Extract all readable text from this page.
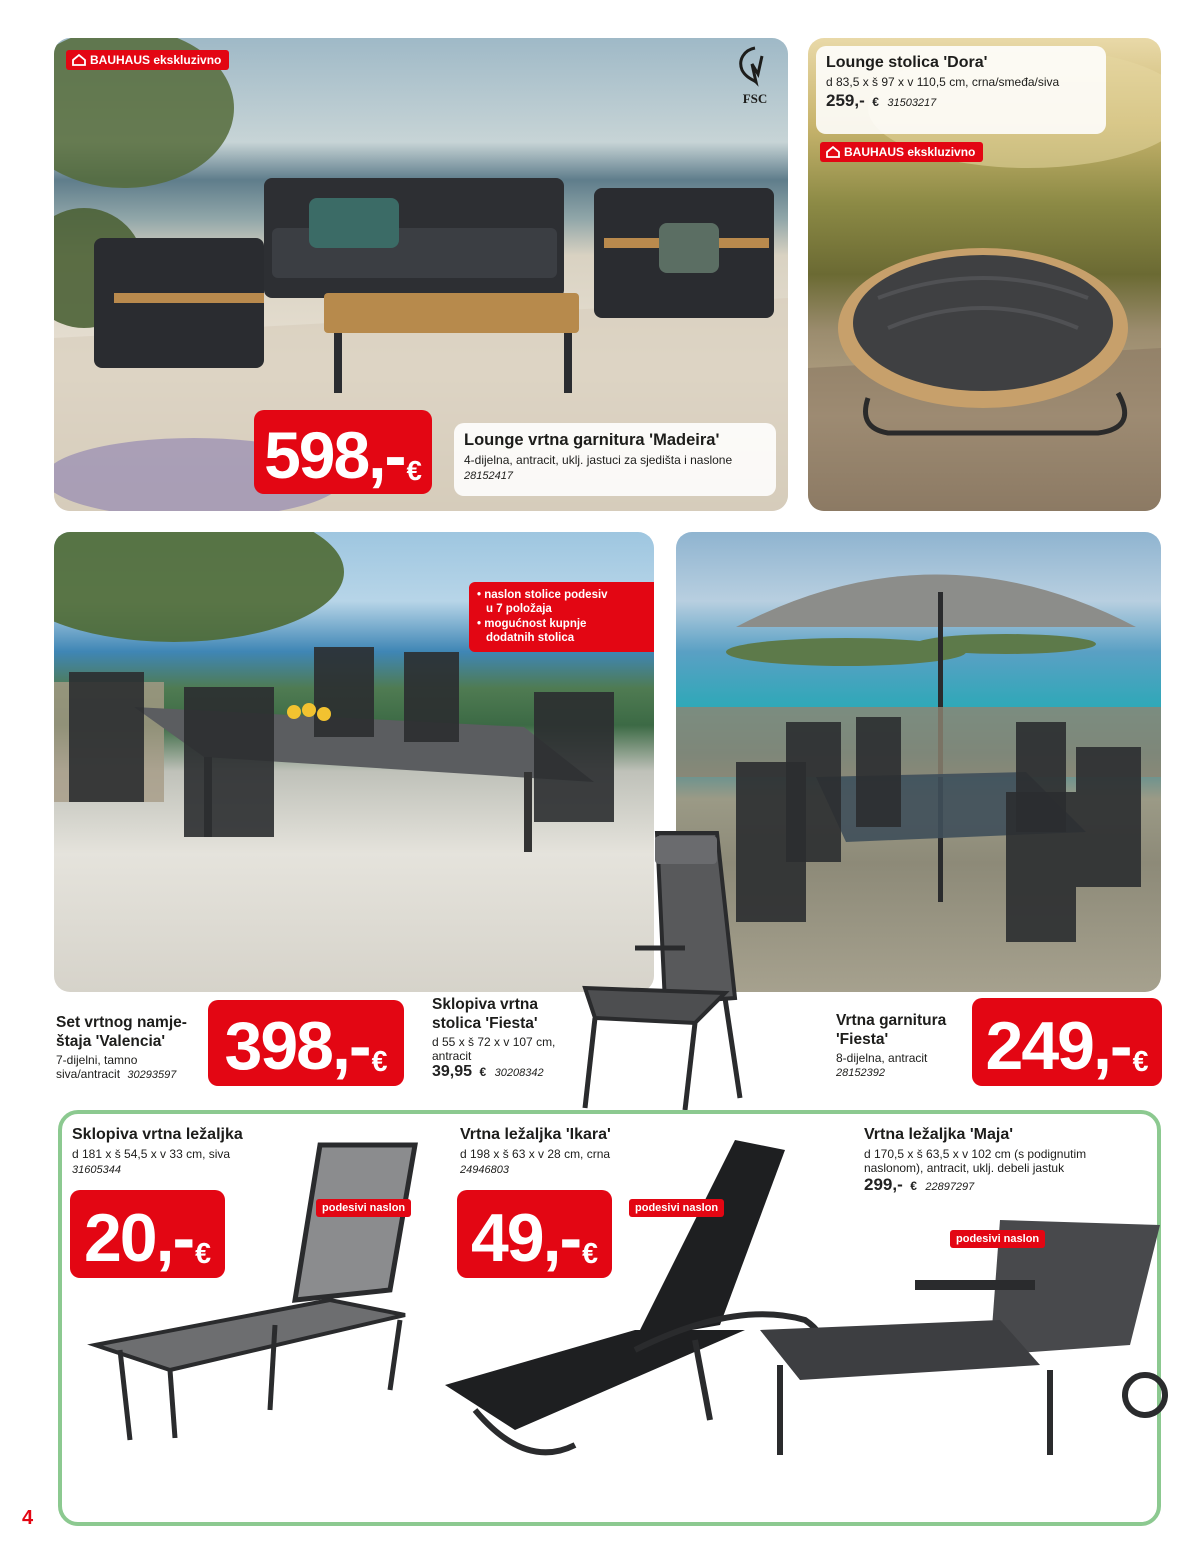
BAUHAUS ekskluzivno
FSC
598, - €
Lounge vrtna garnitura 'Madeira'
4-dijelna, antracit, uklj. jastuci za sjedišta i naslone
28152417
Lounge stolica 'Dora'
d 83,5 x š 97 x v 110,5 cm, crna/smeđa/siva
259,- € 31503217
BAUHAUS ekskluzivno
• naslon stolice podesiv
u 7 položaja
• mogućnost kupnje
dodatnih stolica
Set vrtnog namje-
štaja 'Valencia'
7-dijelni, tamno
siva/antracit 30293597 398, - €
Sklopiva vrtna
stolica 'Fiesta'
d 55 x š 72 x v 107 cm,
antracit
39,95 € 30208342
Vrtna garnitura
'Fiesta'
8-dijelna, antracit
28152392	249, - €
Sklopiva vrtna ležaljka
d 181 x š 54,5 x v 33 cm, siva
31605344
20, - €
podesivi naslon
Vrtna ležaljka 'Ikara'
d 198 x š 63 x v 28 cm, crna
24946803
49, - €
podesivi naslon
Vrtna ležaljka 'Maja'
d 170,5 x š 63,5 x v 102 cm (s podignutim
naslonom), antracit, uklj. debeli jastuk
299,- € 22897297
podesivi naslon
4
